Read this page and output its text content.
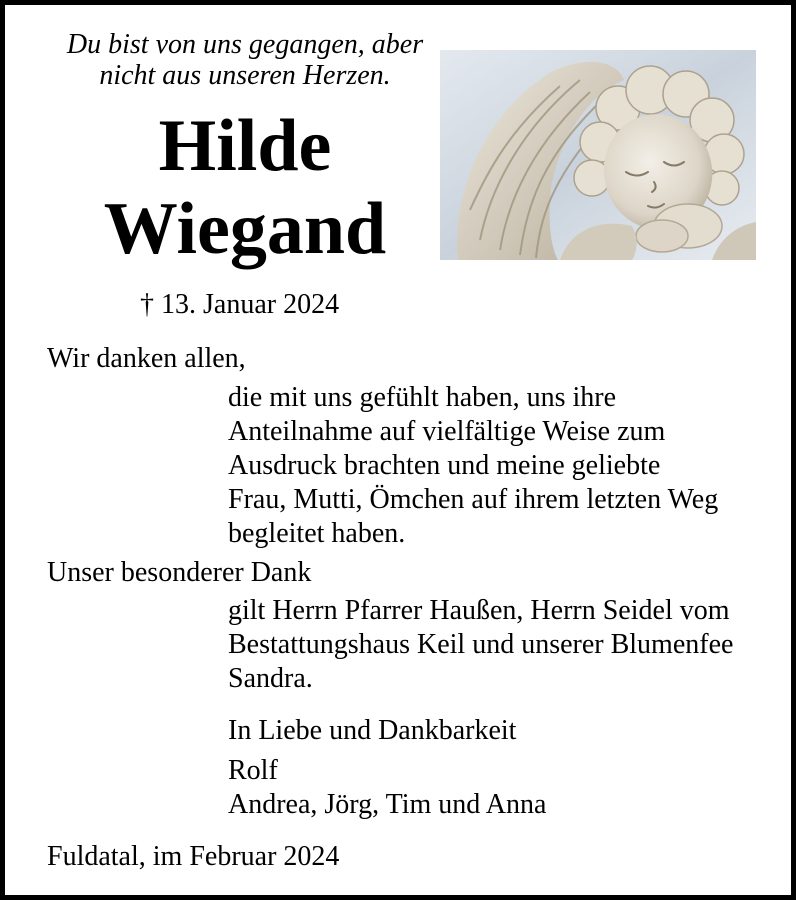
Du bist von uns gegangen, aber
nicht aus unseren Herzen.
Hilde
Wiegand
† 13. Januar 2024
Wir danken allen,
die mit uns gefühlt haben, uns ihre
Anteilnahme auf vielfältige Weise zum
Ausdruck brachten und meine geliebte
Frau, Mutti, Ömchen auf ihrem letzten Weg
begleitet haben.
Unser besonderer Dank
gilt Herrn Pfarrer Haußen, Herrn Seidel vom
Bestattungshaus Keil und unserer Blumenfee
Sandra.
In Liebe und Dankbarkeit
Rolf
Andrea, Jörg, Tim und Anna
Fuldatal, im Februar 2024
